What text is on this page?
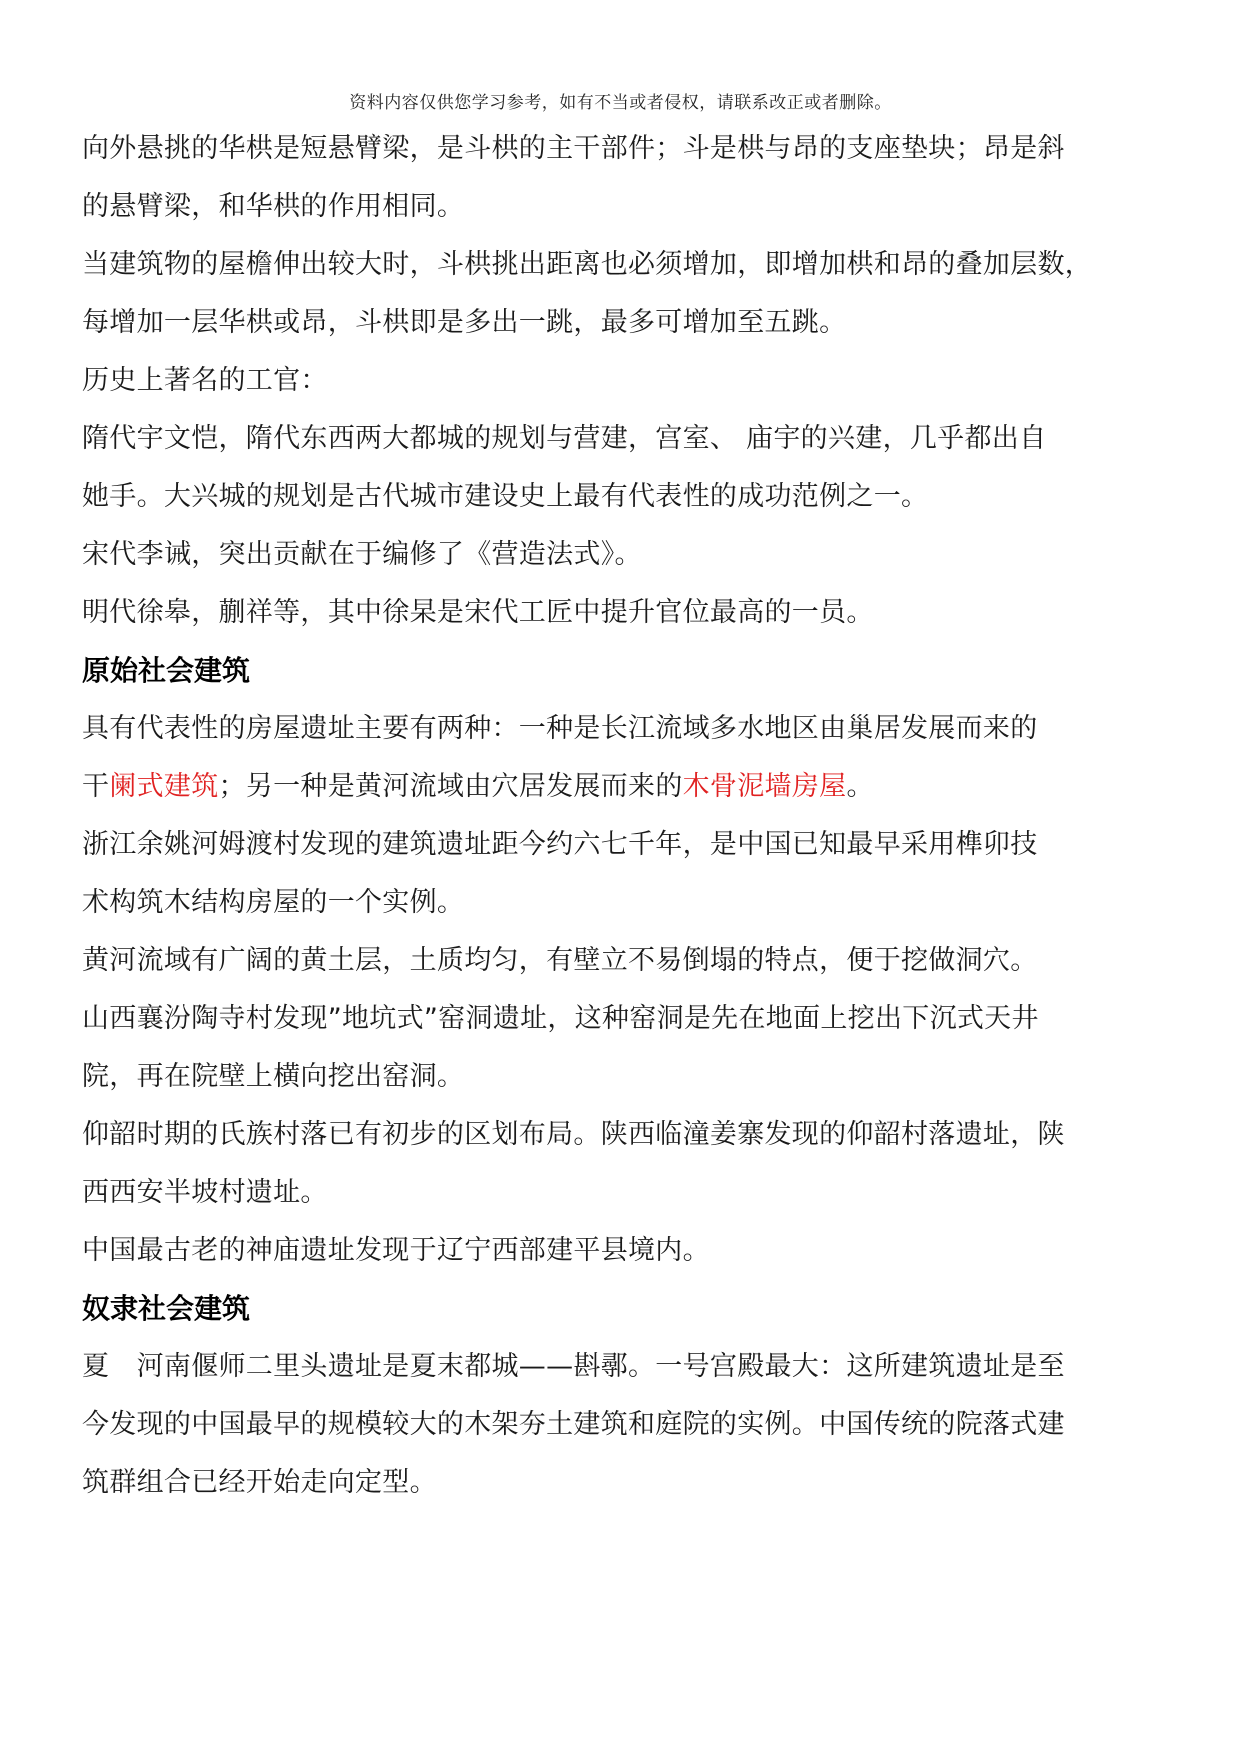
资料内容仅供您学习参考，如有不当或者侵权，请联系改正或者删除。
向外悬挑的华栱是短悬臂梁，是斗栱的主干部件；斗是栱与昂的支座垫块；昂是斜
的悬臂梁，和华栱的作用相同。
当建筑物的屋檐伸出较大时，斗栱挑出距离也必须增加，即增加栱和昂的叠加层数，
每增加一层华栱或昂，斗栱即是多出一跳，最多可增加至五跳。
历史上著名的工官：
隋代宇文恺，隋代东西两大都城的规划与营建，宫室、 庙宇的兴建，几乎都出自
她手。大兴城的规划是古代城市建设史上最有代表性的成功范例之一。
宋代李诫，突出贡献在于编修了《营造法式》。
明代徐皋，蒯祥等，其中徐杲是宋代工匠中提升官位最高的一员。
原始社会建筑
具有代表性的房屋遗址主要有两种：一种是长江流域多水地区由巢居发展而来的
干阑式建筑；另一种是黄河流域由穴居发展而来的木骨泥墙房屋。
浙江余姚河姆渡村发现的建筑遗址距今约六七千年，是中国已知最早采用榫卯技
术构筑木结构房屋的一个实例。
黄河流域有广阔的黄土层，土质均匀，有壁立不易倒塌的特点，便于挖做洞穴。
山西襄汾陶寺村发现”地坑式”窑洞遗址，这种窑洞是先在地面上挖出下沉式天井
院，再在院壁上横向挖出窑洞。
仰韶时期的氏族村落已有初步的区划布局。陕西临潼姜寨发现的仰韶村落遗址，陕
西西安半坡村遗址。
中国最古老的神庙遗址发现于辽宁西部建平县境内。
奴隶社会建筑
夏　河南偃师二里头遗址是夏末都城——斟鄩。一号宫殿最大：这所建筑遗址是至
今发现的中国最早的规模较大的木架夯土建筑和庭院的实例。中国传统的院落式建
筑群组合已经开始走向定型。
